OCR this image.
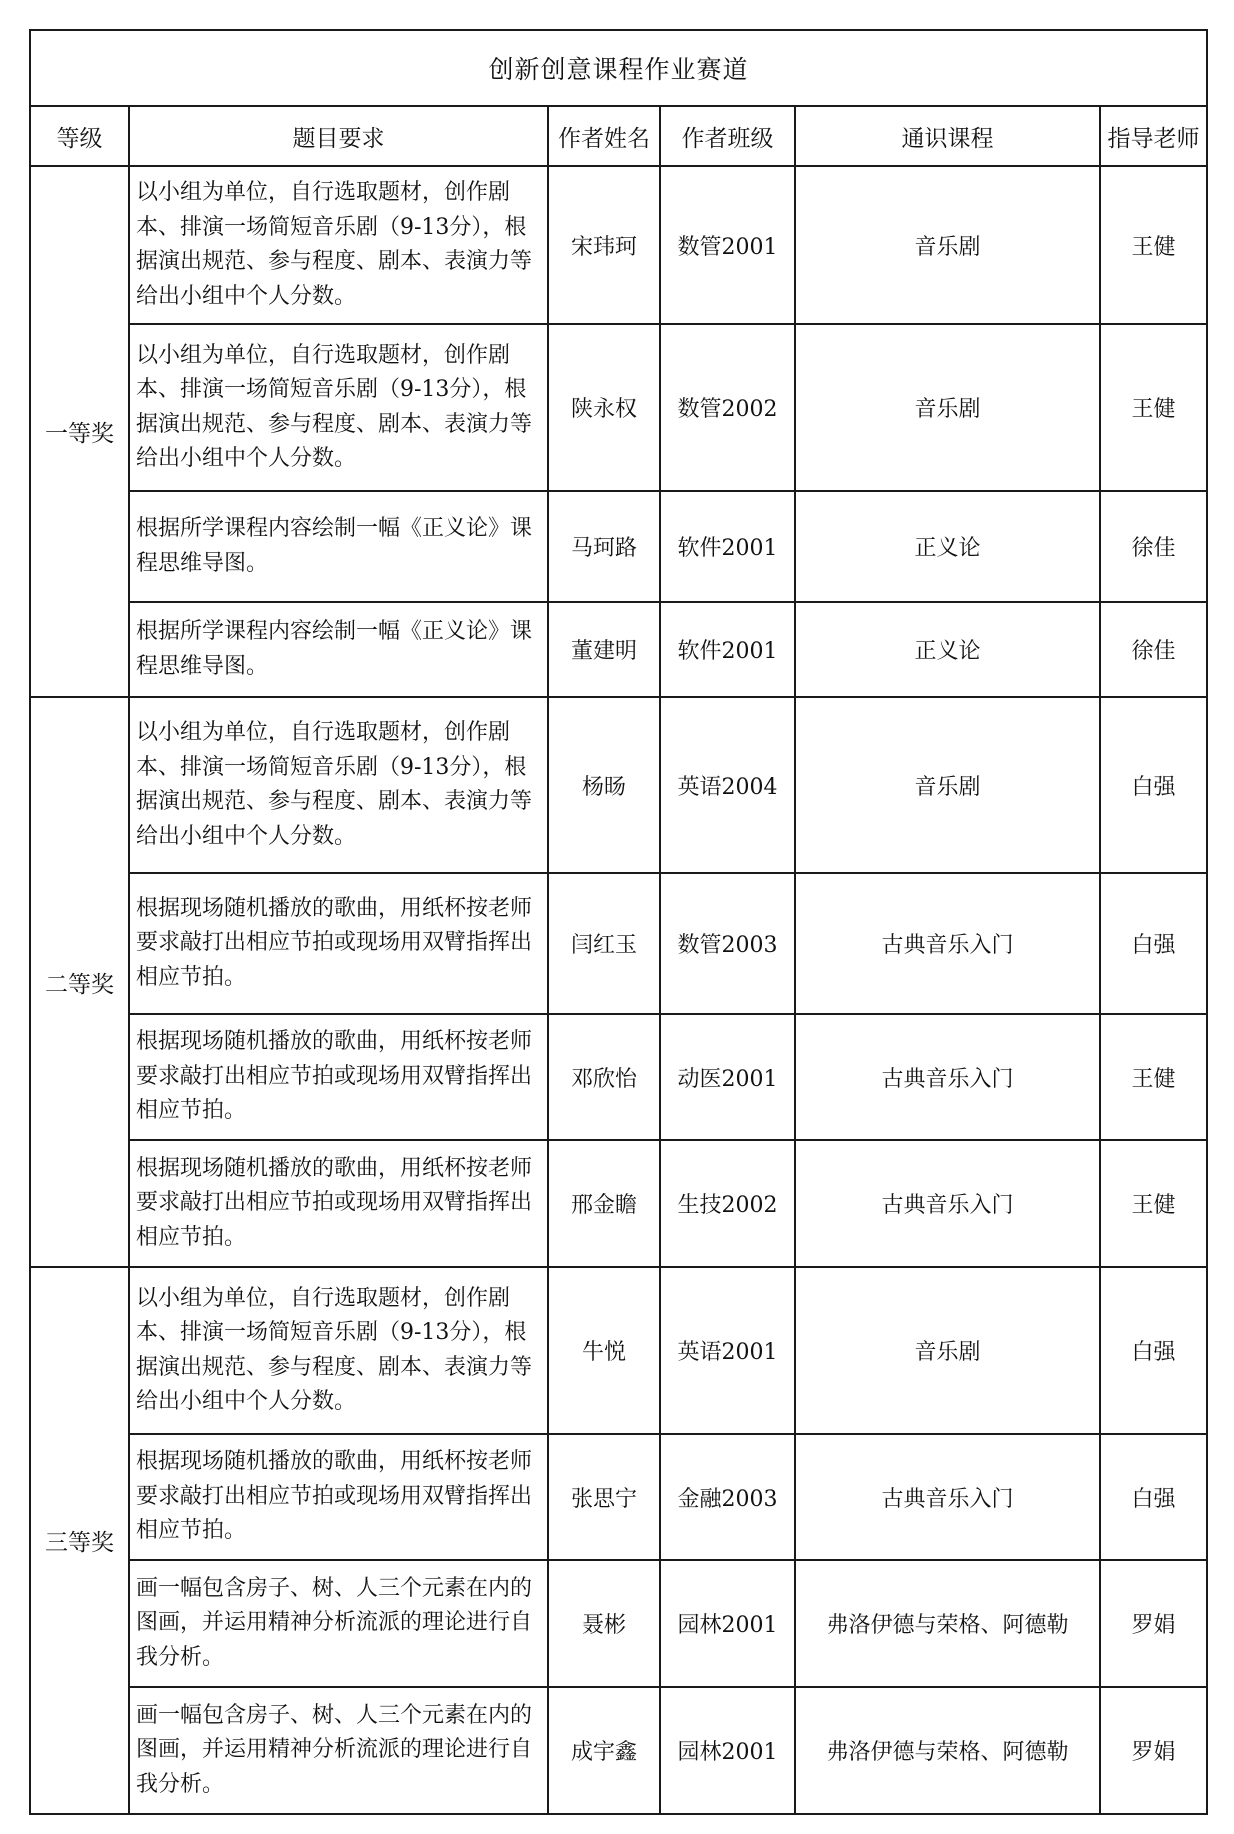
创新创意课程作业赛道					
等级	题目要求	作者姓名	作者班级	通识课程	指导老师
一等奖	以小组为单位，自行选取题材，创作剧本、排演一场简短音乐剧（9-13分），根据演出规范、参与程度、剧本、表演力等给出小组中个人分数。	宋玮珂	数管2001	音乐剧	王健
	以小组为单位，自行选取题材，创作剧本、排演一场简短音乐剧（9-13分），根据演出规范、参与程度、剧本、表演力等给出小组中个人分数。	陕永权	数管2002	音乐剧	王健
	根据所学课程内容绘制一幅《正义论》课程思维导图。	马珂路	软件2001	正义论	徐佳
	根据所学课程内容绘制一幅《正义论》课程思维导图。	董建明	软件2001	正义论	徐佳
二等奖	以小组为单位，自行选取题材，创作剧本、排演一场简短音乐剧（9-13分），根据演出规范、参与程度、剧本、表演力等给出小组中个人分数。	杨旸	英语2004	音乐剧	白强
	根据现场随机播放的歌曲，用纸杯按老师要求敲打出相应节拍或现场用双臂指挥出相应节拍。	闫红玉	数管2003	古典音乐入门	白强
	根据现场随机播放的歌曲，用纸杯按老师要求敲打出相应节拍或现场用双臂指挥出相应节拍。	邓欣怡	动医2001	古典音乐入门	王健
	根据现场随机播放的歌曲，用纸杯按老师要求敲打出相应节拍或现场用双臂指挥出相应节拍。	邢金瞻	生技2002	古典音乐入门	王健
三等奖	以小组为单位，自行选取题材，创作剧本、排演一场简短音乐剧（9-13分），根据演出规范、参与程度、剧本、表演力等给出小组中个人分数。	牛悦	英语2001	音乐剧	白强
	根据现场随机播放的歌曲，用纸杯按老师要求敲打出相应节拍或现场用双臂指挥出相应节拍。	张思宁	金融2003	古典音乐入门	白强
	画一幅包含房子、树、人三个元素在内的图画，并运用精神分析流派的理论进行自我分析。	聂彬	园林2001	弗洛伊德与荣格、阿德勒	罗娟
	画一幅包含房子、树、人三个元素在内的图画，并运用精神分析流派的理论进行自我分析。	成宇鑫	园林2001	弗洛伊德与荣格、阿德勒	罗娟
